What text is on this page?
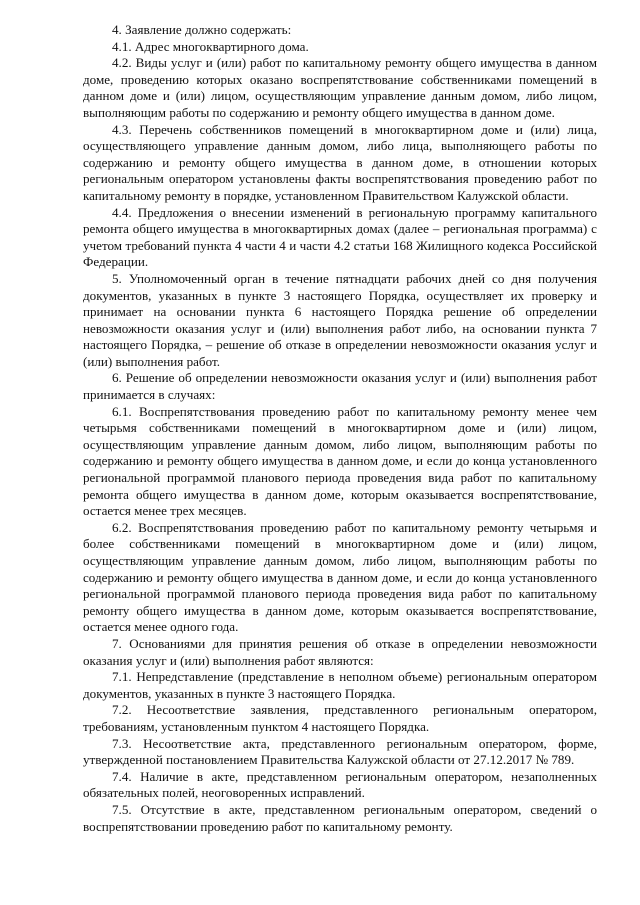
4. Заявление должно содержать:

4.1. Адрес многоквартирного дома.

4.2. Виды услуг и (или) работ по капитальному ремонту общего имущества в данном доме, проведению которых оказано воспрепятствование собственниками помещений в данном доме и (или) лицом, осуществляющим управление данным домом, либо лицом, выполняющим работы по содержанию и ремонту общего имущества в данном доме.

4.3. Перечень собственников помещений в многоквартирном доме и (или) лица, осуществляющего управление данным домом, либо лица, выполняющего работы по содержанию и ремонту общего имущества в данном доме, в отношении которых региональным оператором установлены факты воспрепятствования проведению работ по капитальному ремонту в порядке, установленном Правительством Калужской области.

4.4. Предложения о внесении изменений в региональную программу капитального ремонта общего имущества в многоквартирных домах (далее – региональная программа) с учетом требований пункта 4 части 4 и части 4.2 статьи 168 Жилищного кодекса Российской Федерации.

5. Уполномоченный орган в течение пятнадцати рабочих дней со дня получения документов, указанных в пункте 3 настоящего Порядка, осуществляет их проверку и принимает на основании пункта 6 настоящего Порядка решение об определении невозможности оказания услуг и (или) выполнения работ либо, на основании пункта 7 настоящего Порядка, – решение об отказе в определении невозможности оказания услуг и (или) выполнения работ.

6. Решение об определении невозможности оказания услуг и (или) выполнения работ принимается в случаях:

6.1. Воспрепятствования проведению работ по капитальному ремонту менее чем четырьмя собственниками помещений в многоквартирном доме и (или) лицом, осуществляющим управление данным домом, либо лицом, выполняющим работы по содержанию и ремонту общего имущества в данном доме, и если до конца установленного региональной программой планового периода проведения вида работ по капитальному ремонта общего имущества в данном доме, которым оказывается воспрепятствование, остается менее трех месяцев.

6.2. Воспрепятствования проведению работ по капитальному ремонту четырьмя и более собственниками помещений в многоквартирном доме и (или) лицом, осуществляющим управление данным домом, либо лицом, выполняющим работы по содержанию и ремонту общего имущества в данном доме, и если до конца установленного региональной программой планового периода проведения вида работ по капитальному ремонту общего имущества в данном доме, которым оказывается воспрепятствование, остается менее одного года.

7. Основаниями для принятия решения об отказе в определении невозможности оказания услуг и (или) выполнения работ являются:

7.1. Непредставление (представление в неполном объеме) региональным оператором документов, указанных в пункте 3 настоящего Порядка.

7.2. Несоответствие заявления, представленного региональным оператором, требованиям, установленным пунктом 4 настоящего Порядка.

7.3. Несоответствие акта, представленного региональным оператором, форме, утвержденной постановлением Правительства Калужской области от 27.12.2017 № 789.

7.4. Наличие в акте, представленном региональным оператором, незаполненных обязательных полей, неоговоренных исправлений.

7.5. Отсутствие в акте, представленном региональным оператором, сведений о воспрепятствовании проведению работ по капитальному ремонту.
